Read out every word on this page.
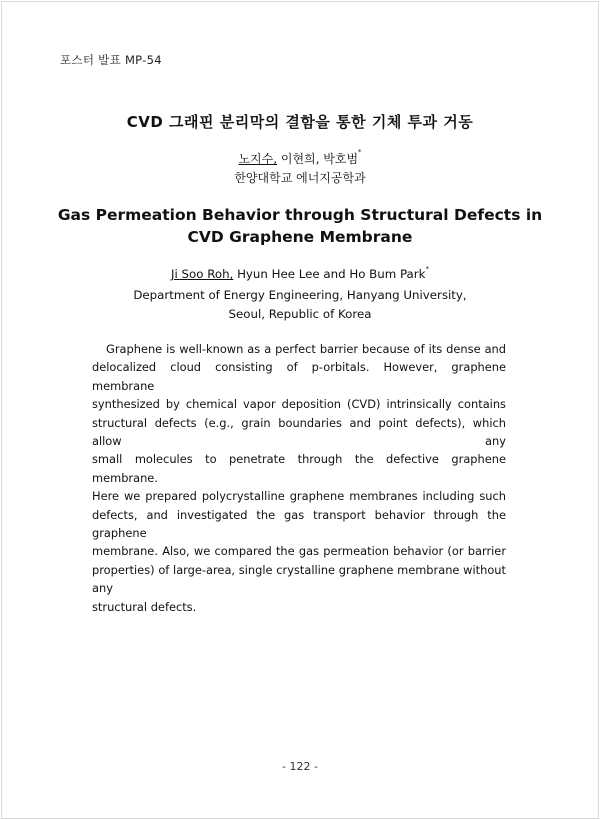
포스터 발표 MP-54
CVD 그래핀 분리막의 결함을 통한 기체 투과 거동
노지수, 이현희, 박호범*
한양대학교 에너지공학과
Gas Permeation Behavior through Structural Defects in
CVD Graphene Membrane
Ji Soo Roh, Hyun Hee Lee and Ho Bum Park*
Department of Energy Engineering, Hanyang University,
Seoul, Republic of Korea
Graphene is well-known as a perfect barrier because of its dense and
delocalized cloud consisting of p-orbitals. However, graphene membrane
synthesized by chemical vapor deposition (CVD) intrinsically contains
structural defects (e.g., grain boundaries and point defects), which allow any
small molecules to penetrate through the defective graphene membrane.
Here we prepared polycrystalline graphene membranes including such
defects, and investigated the gas transport behavior through the graphene
membrane. Also, we compared the gas permeation behavior (or barrier
properties) of large-area, single crystalline graphene membrane without any
structural defects.
- 122 -
